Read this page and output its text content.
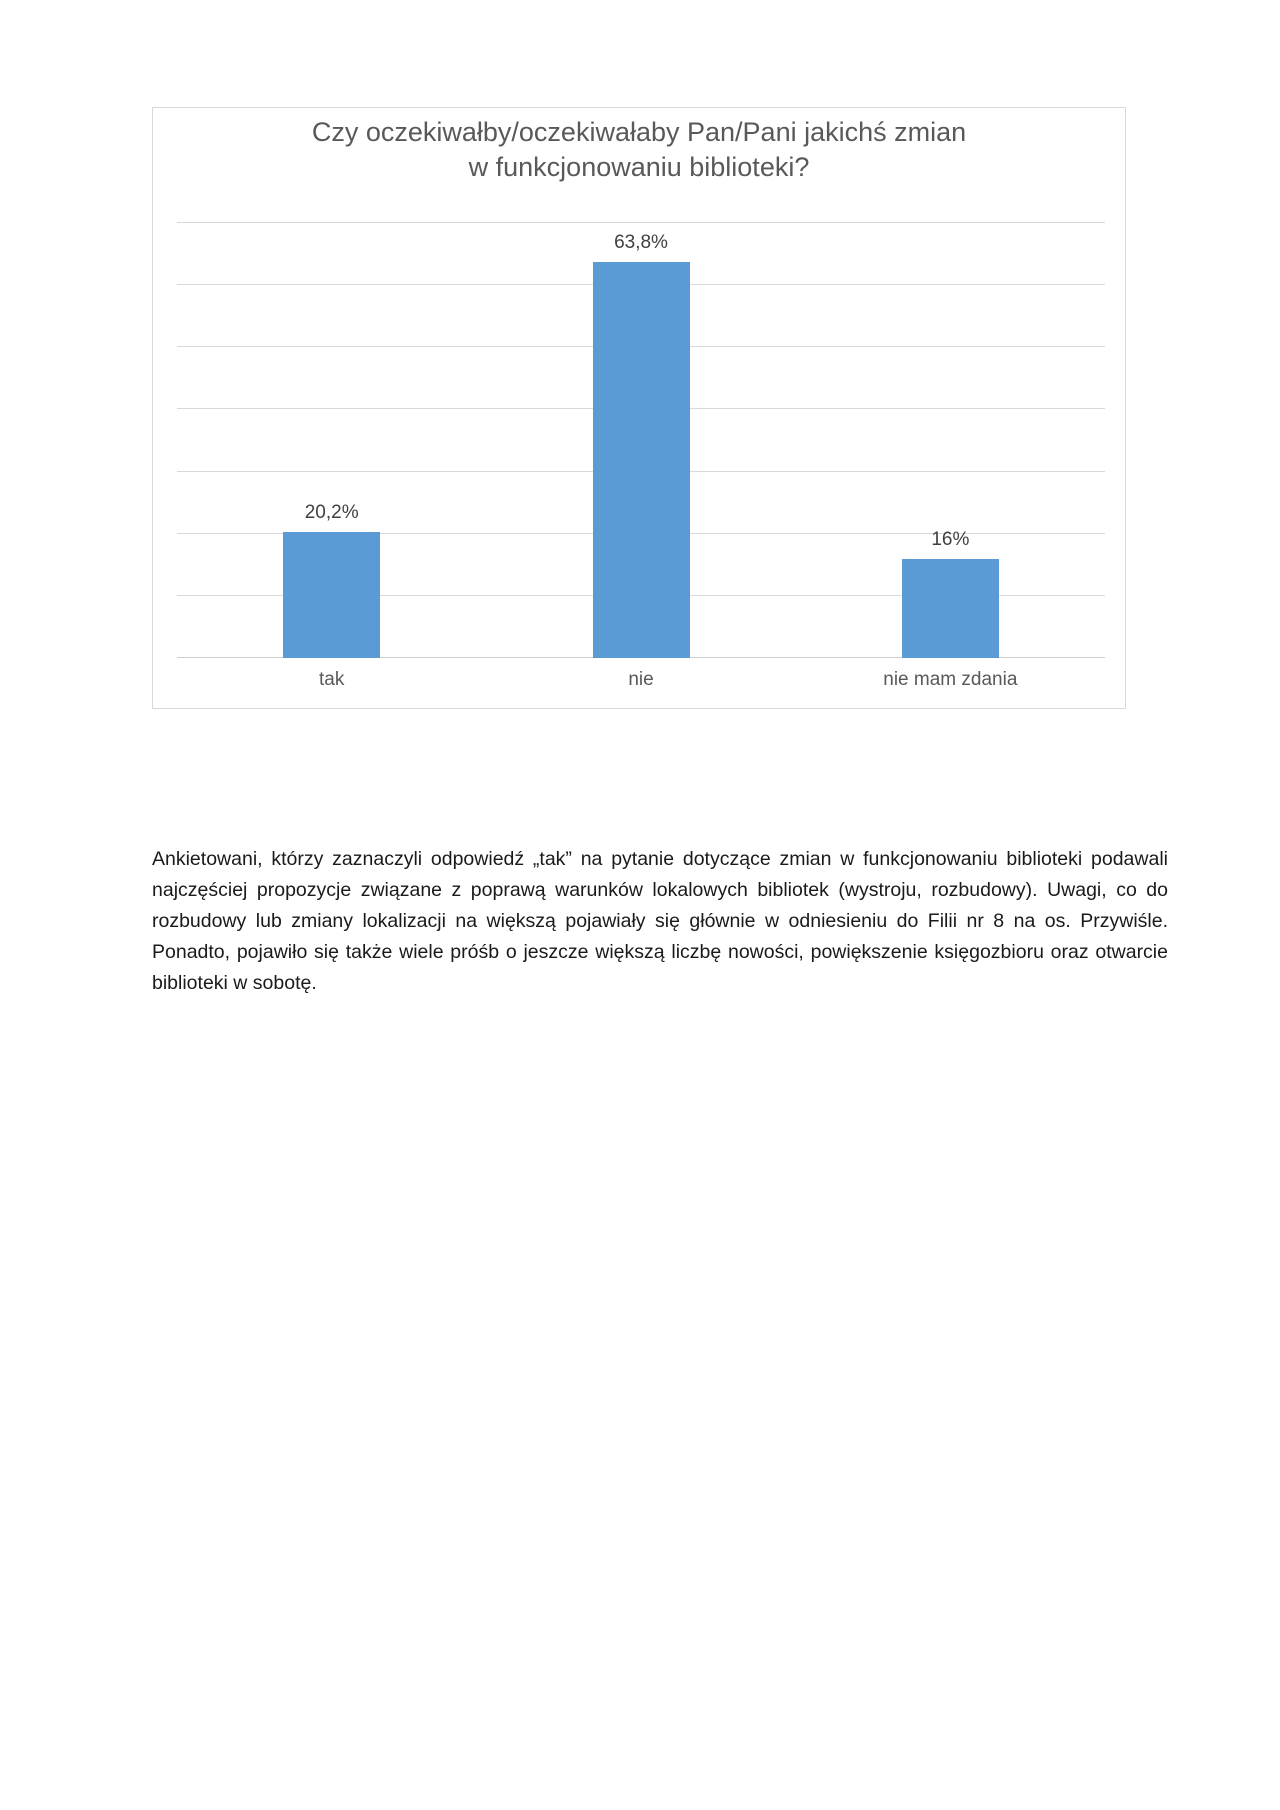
Czy oczekiwałby/oczekiwałaby Pan/Pani jakichś zmian w funkcjonowaniu biblioteki?
20,2%
tak
63,8%
nie
16%
nie mam zdania

Ankietowani, którzy zaznaczyli odpowiedź „tak” na pytanie dotyczące zmian w funkcjonowaniu biblioteki podawali najczęściej propozycje związane z poprawą warunków lokalowych bibliotek (wystroju, rozbudowy). Uwagi, co do rozbudowy lub zmiany lokalizacji na większą pojawiały się głównie w odniesieniu do Filii nr 8 na os. Przywiśle. Ponadto, pojawiło się także wiele próśb o jeszcze większą liczbę nowości, powiększenie księgozbioru oraz otwarcie biblioteki w sobotę.
